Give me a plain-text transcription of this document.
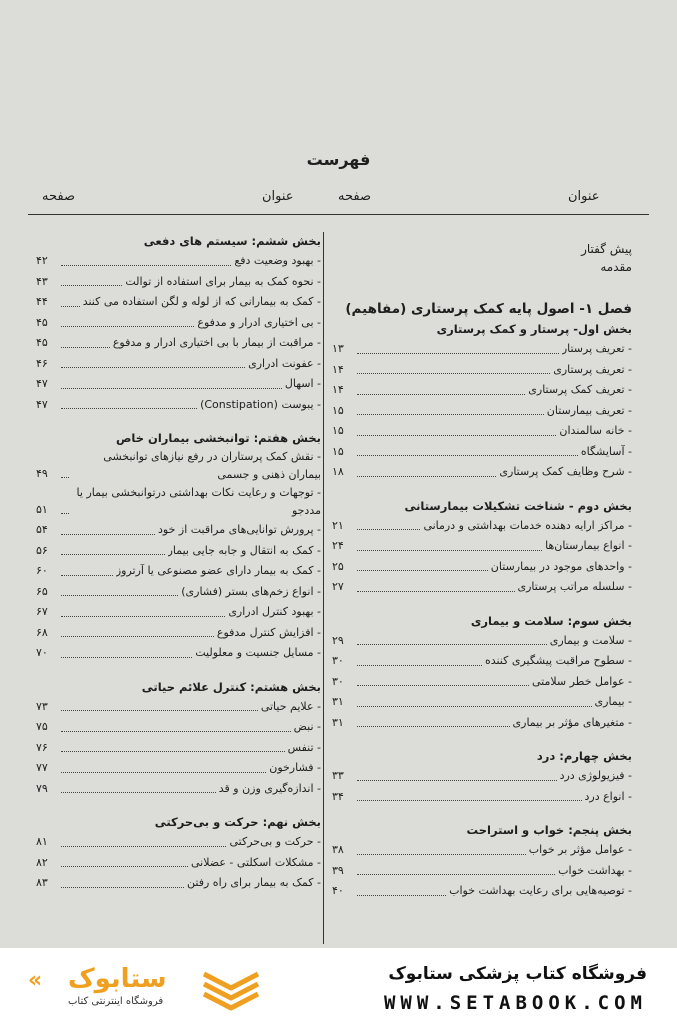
فهرست
عنوان
صفحه
عنوان
صفحه
پیش گفتار
مقدمه
فصل ۱- اصول پایه کمک پرستاری (مفاهیم)
بخش اول- پرستار و کمک پرستاری
- تعریف پرستار
۱۳
- تعریف پرستاری
۱۴
- تعریف کمک پرستاری
۱۴
- تعریف بیمارستان
۱۵
- خانه سالمندان
۱۵
- آسایشگاه
۱۵
- شرح وظایف کمک پرستاری
۱۸
بخش دوم - شناخت تشکیلات بیمارستانی
- مراکز ارایه دهنده خدمات بهداشتی و درمانی
۲۱
- انواع بیمارستان‌ها
۲۴
- واحدهای موجود در بیمارستان
۲۵
- سلسله مراتب پرستاری
۲۷
بخش سوم: سلامت و بیماری
- سلامت و بیماری
۲۹
- سطوح مراقبت پیشگیری کننده
۳۰
- عوامل خطر سلامتی
۳۰
- بیماری
۳۱
- متغیرهای مؤثر بر بیماری
۳۱
بخش چهارم: درد
- فیزیولوژی درد
۳۳
- انواع درد
۳۴
بخش پنجم: خواب و استراحت
- عوامل مؤثر بر خواب
۳۸
- بهداشت خواب
۳۹
- توصیه‌هایی برای رعایت بهداشت خواب
۴۰
بخش ششم: سیستم های دفعی
- بهبود وضعیت دفع
۴۲
- نحوه کمک به بیمار برای استفاده از توالت
۴۳
- کمک به بیمارانی که از لوله و لگن استفاده می کنند
۴۴
- بی اختیاری ادرار و مدفوع
۴۵
- مراقبت از بیمار با بی اختیاری ادرار و مدفوع
۴۵
- عفونت ادراری
۴۶
- اسهال
۴۷
- یبوست (Constipation)
۴۷
بخش هفتم: توانبخشی بیماران خاص
- نقش کمک پرستاران در رفع نیازهای توانبخشی بیماران ذهنی و جسمی
۴۹
- توجهات و رعایت نکات بهداشتی درتوانبخشی بیمار یا مددجو
۵۱
- پرورش توانایی‌های مراقبت از خود
۵۴
- کمک به انتقال و جابه جایی بیمار
۵۶
- کمک به بیمار دارای عضو مصنوعی یا آرتروز
۶۰
- انواع زخم‌های بستر (فشاری)
۶۵
- بهبود کنترل ادراری
۶۷
- افزایش کنترل مدفوع
۶۸
- مسایل جنسیت و معلولیت
۷۰
بخش هشتم: کنترل علائم حیاتی
- علایم حیاتی
۷۳
- نبض
۷۵
- تنفس
۷۶
- فشارخون
۷۷
- اندازه‌گیری وزن و قد
۷۹
بخش نهم: حرکت و بی‌حرکتی
- حرکت و بی‌حرکتی
۸۱
- مشکلات اسکلتی - عضلانی
۸۲
- کمک به بیمار برای راه رفتن
۸۳
فروشگاه کتاب پزشکی ستابوک
WWW.SETABOOK.COM
« ستابوک
فروشگاه اینترنتی کتاب
